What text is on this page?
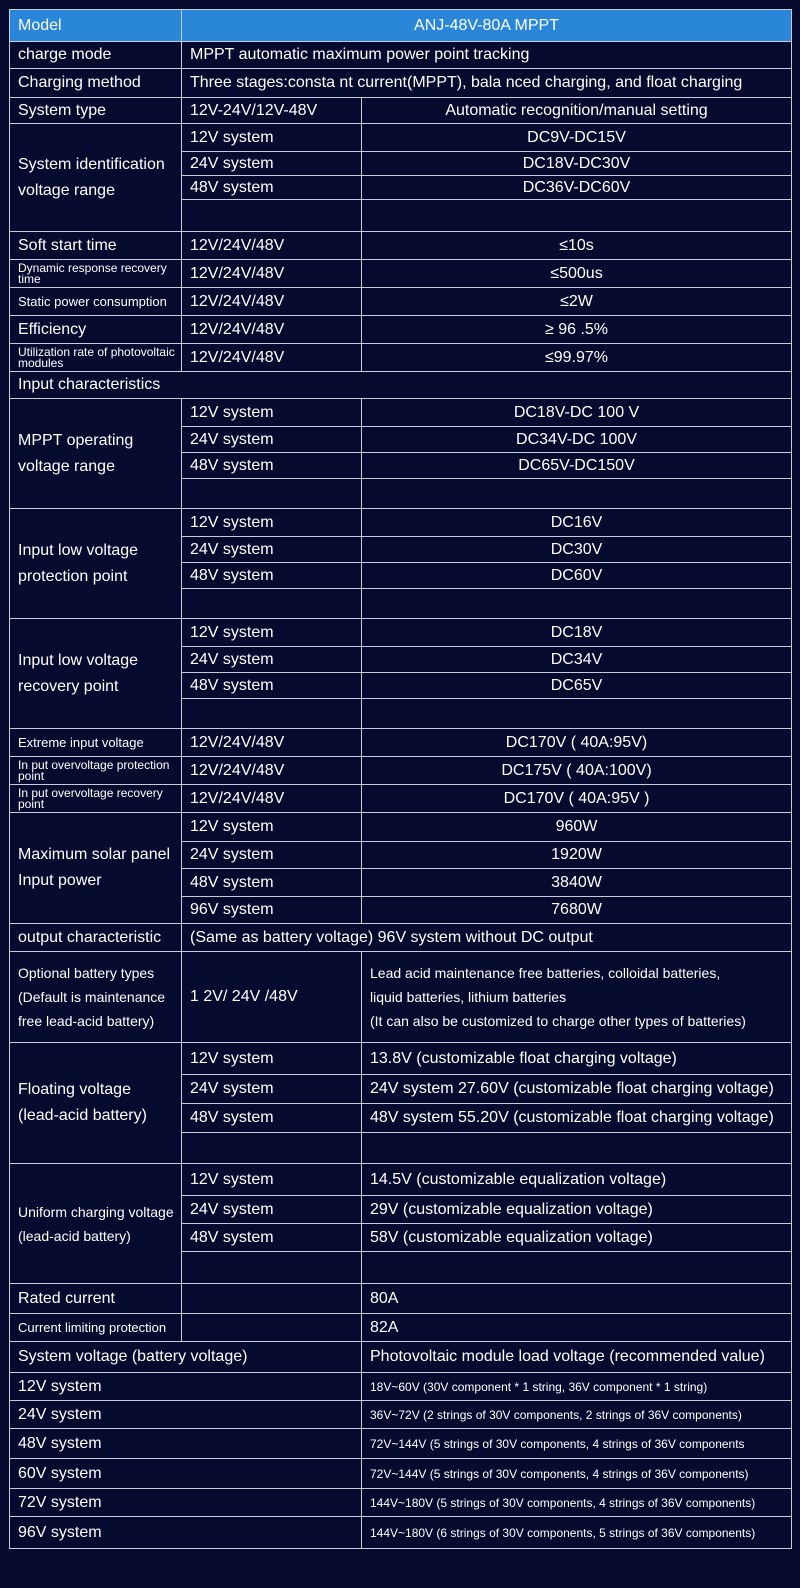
Model	ANJ-48V-80A MPPT	
charge mode	MPPT automatic maximum power point tracking	
Charging method	Three stages:consta nt current(MPPT), bala nced charging, and float charging	
System type	12V-24V/12V-48V	Automatic recognition/manual setting
System identification
voltage range	12V system	DC9V-DC15V
	24V system	DC18V-DC30V
	48V system	DC36V-DC60V

Soft start time	12V/24V/48V	≤10s
Dynamic response recovery time	12V/24V/48V	≤500us
Static power consumption	12V/24V/48V	≤2W
Efficiency	12V/24V/48V	≥ 96 .5%
Utilization rate of photovoltaic modules	12V/24V/48V	≤99.97%
Input characteristics		
MPPT operating
voltage range	12V system	DC18V-DC 100 V
	24V system	DC34V-DC 100V
	48V system	DC65V-DC150V

Input low voltage
protection point	12V system	DC16V
	24V system	DC30V
	48V system	DC60V

Input low voltage
recovery point	12V system	DC18V
	24V system	DC34V
	48V system	DC65V

Extreme input voltage	12V/24V/48V	DC170V ( 40A:95V)
In put overvoltage protection point	12V/24V/48V	DC175V ( 40A:100V)
In put overvoltage recovery point	12V/24V/48V	DC170V ( 40A:95V )
Maximum solar panel
Input power	12V system	960W
	24V system	1920W
	48V system	3840W
	96V system	7680W
output characteristic	(Same as battery voltage) 96V system without DC output	
Optional battery types
(Default is maintenance
free lead-acid battery)	1 2V/ 24V /48V	Lead acid maintenance free batteries, colloidal batteries,
liquid batteries, lithium batteries
(It can also be customized to charge other types of batteries)
Floating voltage
(lead-acid battery)	12V system	13.8V (customizable float charging voltage)
	24V system	24V system 27.60V (customizable float charging voltage)
	48V system	48V system 55.20V (customizable float charging voltage)

Uniform charging voltage
(lead-acid battery)	12V system	14.5V (customizable equalization voltage)
	24V system	29V (customizable equalization voltage)
	48V system	58V (customizable equalization voltage)

Rated current		80A
Current limiting protection		82A
System voltage (battery voltage)		Photovoltaic module load voltage (recommended value)
12V system		18V~60V (30V component * 1 string, 36V component * 1 string)
24V system		36V~72V (2 strings of 30V components, 2 strings of 36V components)
48V system		72V~144V (5 strings of 30V components, 4 strings of 36V components
60V system		72V~144V (5 strings of 30V components, 4 strings of 36V components)
72V system		144V~180V (5 strings of 30V components, 4 strings of 36V components)
96V system		144V~180V (6 strings of 30V components, 5 strings of 36V components)
